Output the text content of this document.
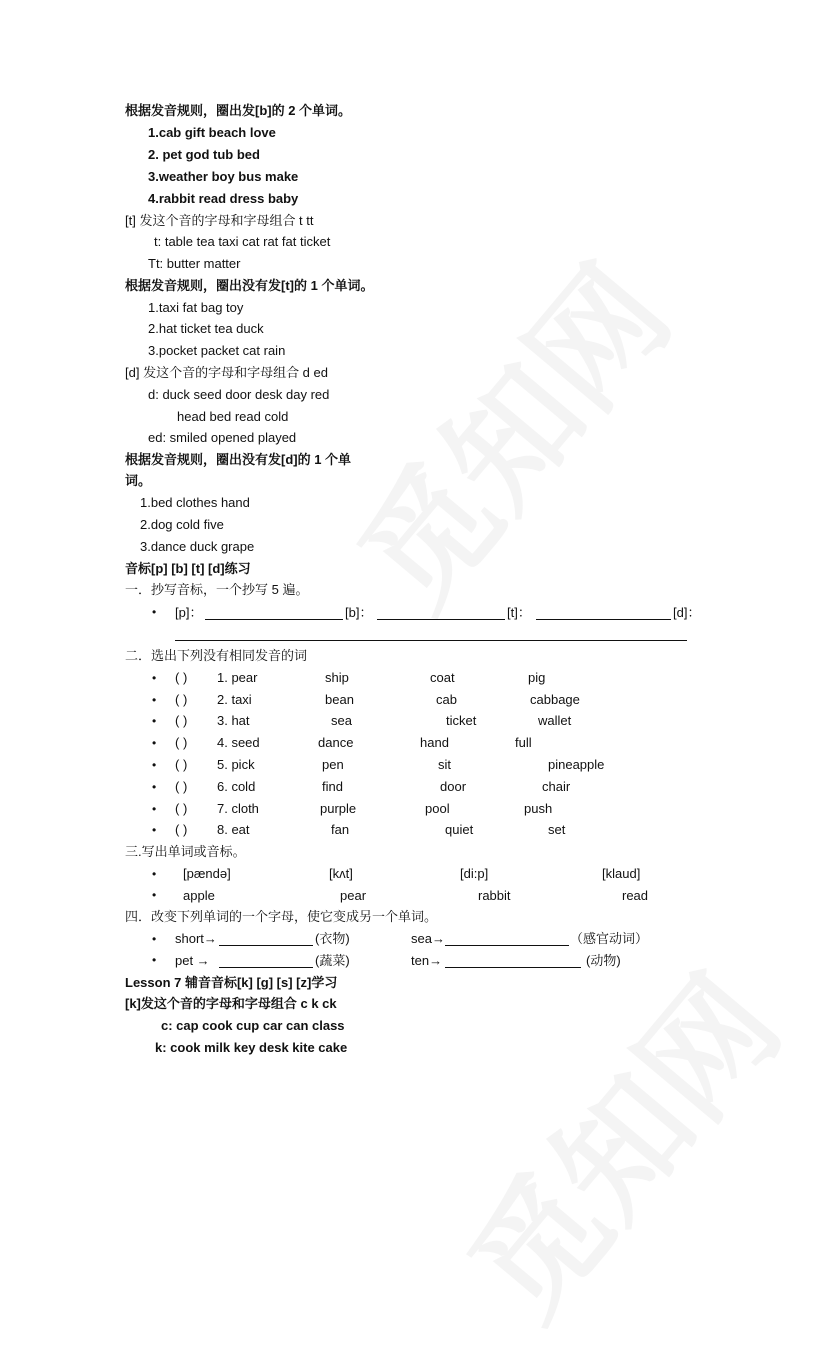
根据发音规则，圈出发[b]的 2 个单词。
1.cab gift beach love
2. pet god tub bed
3.weather boy bus make
4.rabbit read dress baby
[t] 发这个音的字母和字母组合 t tt
t: table tea taxi cat rat fat ticket
Tt: butter matter
根据发音规则，圈出没有发[t]的 1 个单词。
1.taxi fat bag toy
2.hat ticket tea duck
3.pocket packet cat rain
[d] 发这个音的字母和字母组合 d ed
d: duck seed door desk day red
head bed read cold
ed: smiled opened played
根据发音规则，圈出没有发[d]的 1 个单
词。
1.bed clothes hand
2.dog cold five
3.dance duck grape
音标[p] [b] [t] [d]练习
一．抄写音标，一个抄写 5 遍。
• [p]：	[b]：	[t]：	[d]：
二．选出下列没有相同发音的词
• ( ) 1. pear	ship	coat	pig
• ( ) 2. taxi	bean	cab	cabbage
• ( ) 3. hat	sea	ticket	wallet
• ( ) 4. seed	dance	hand	full
• ( ) 5. pick	pen	sit	pineapple
• ( ) 6. cold	find	door	chair
• ( ) 7. cloth	purple	pool	push
• ( ) 8. eat	fan	quiet	set
三.写出单词或音标。
• [pændə]	[kʌt]	[di:p]	[klaud]
• apple	pear	rabbit	read
四．改变下列单词的一个字母，使它变成另一个单词。
• short→	(衣物)	sea→	（感官动词）
• pet →	(蔬菜)	ten→	(动物)
Lesson 7 辅音音标[k] [g] [s] [z]学习
[k]发这个音的字母和字母组合 c k ck
c: cap cook cup car can class
k: cook milk key desk kite cake
